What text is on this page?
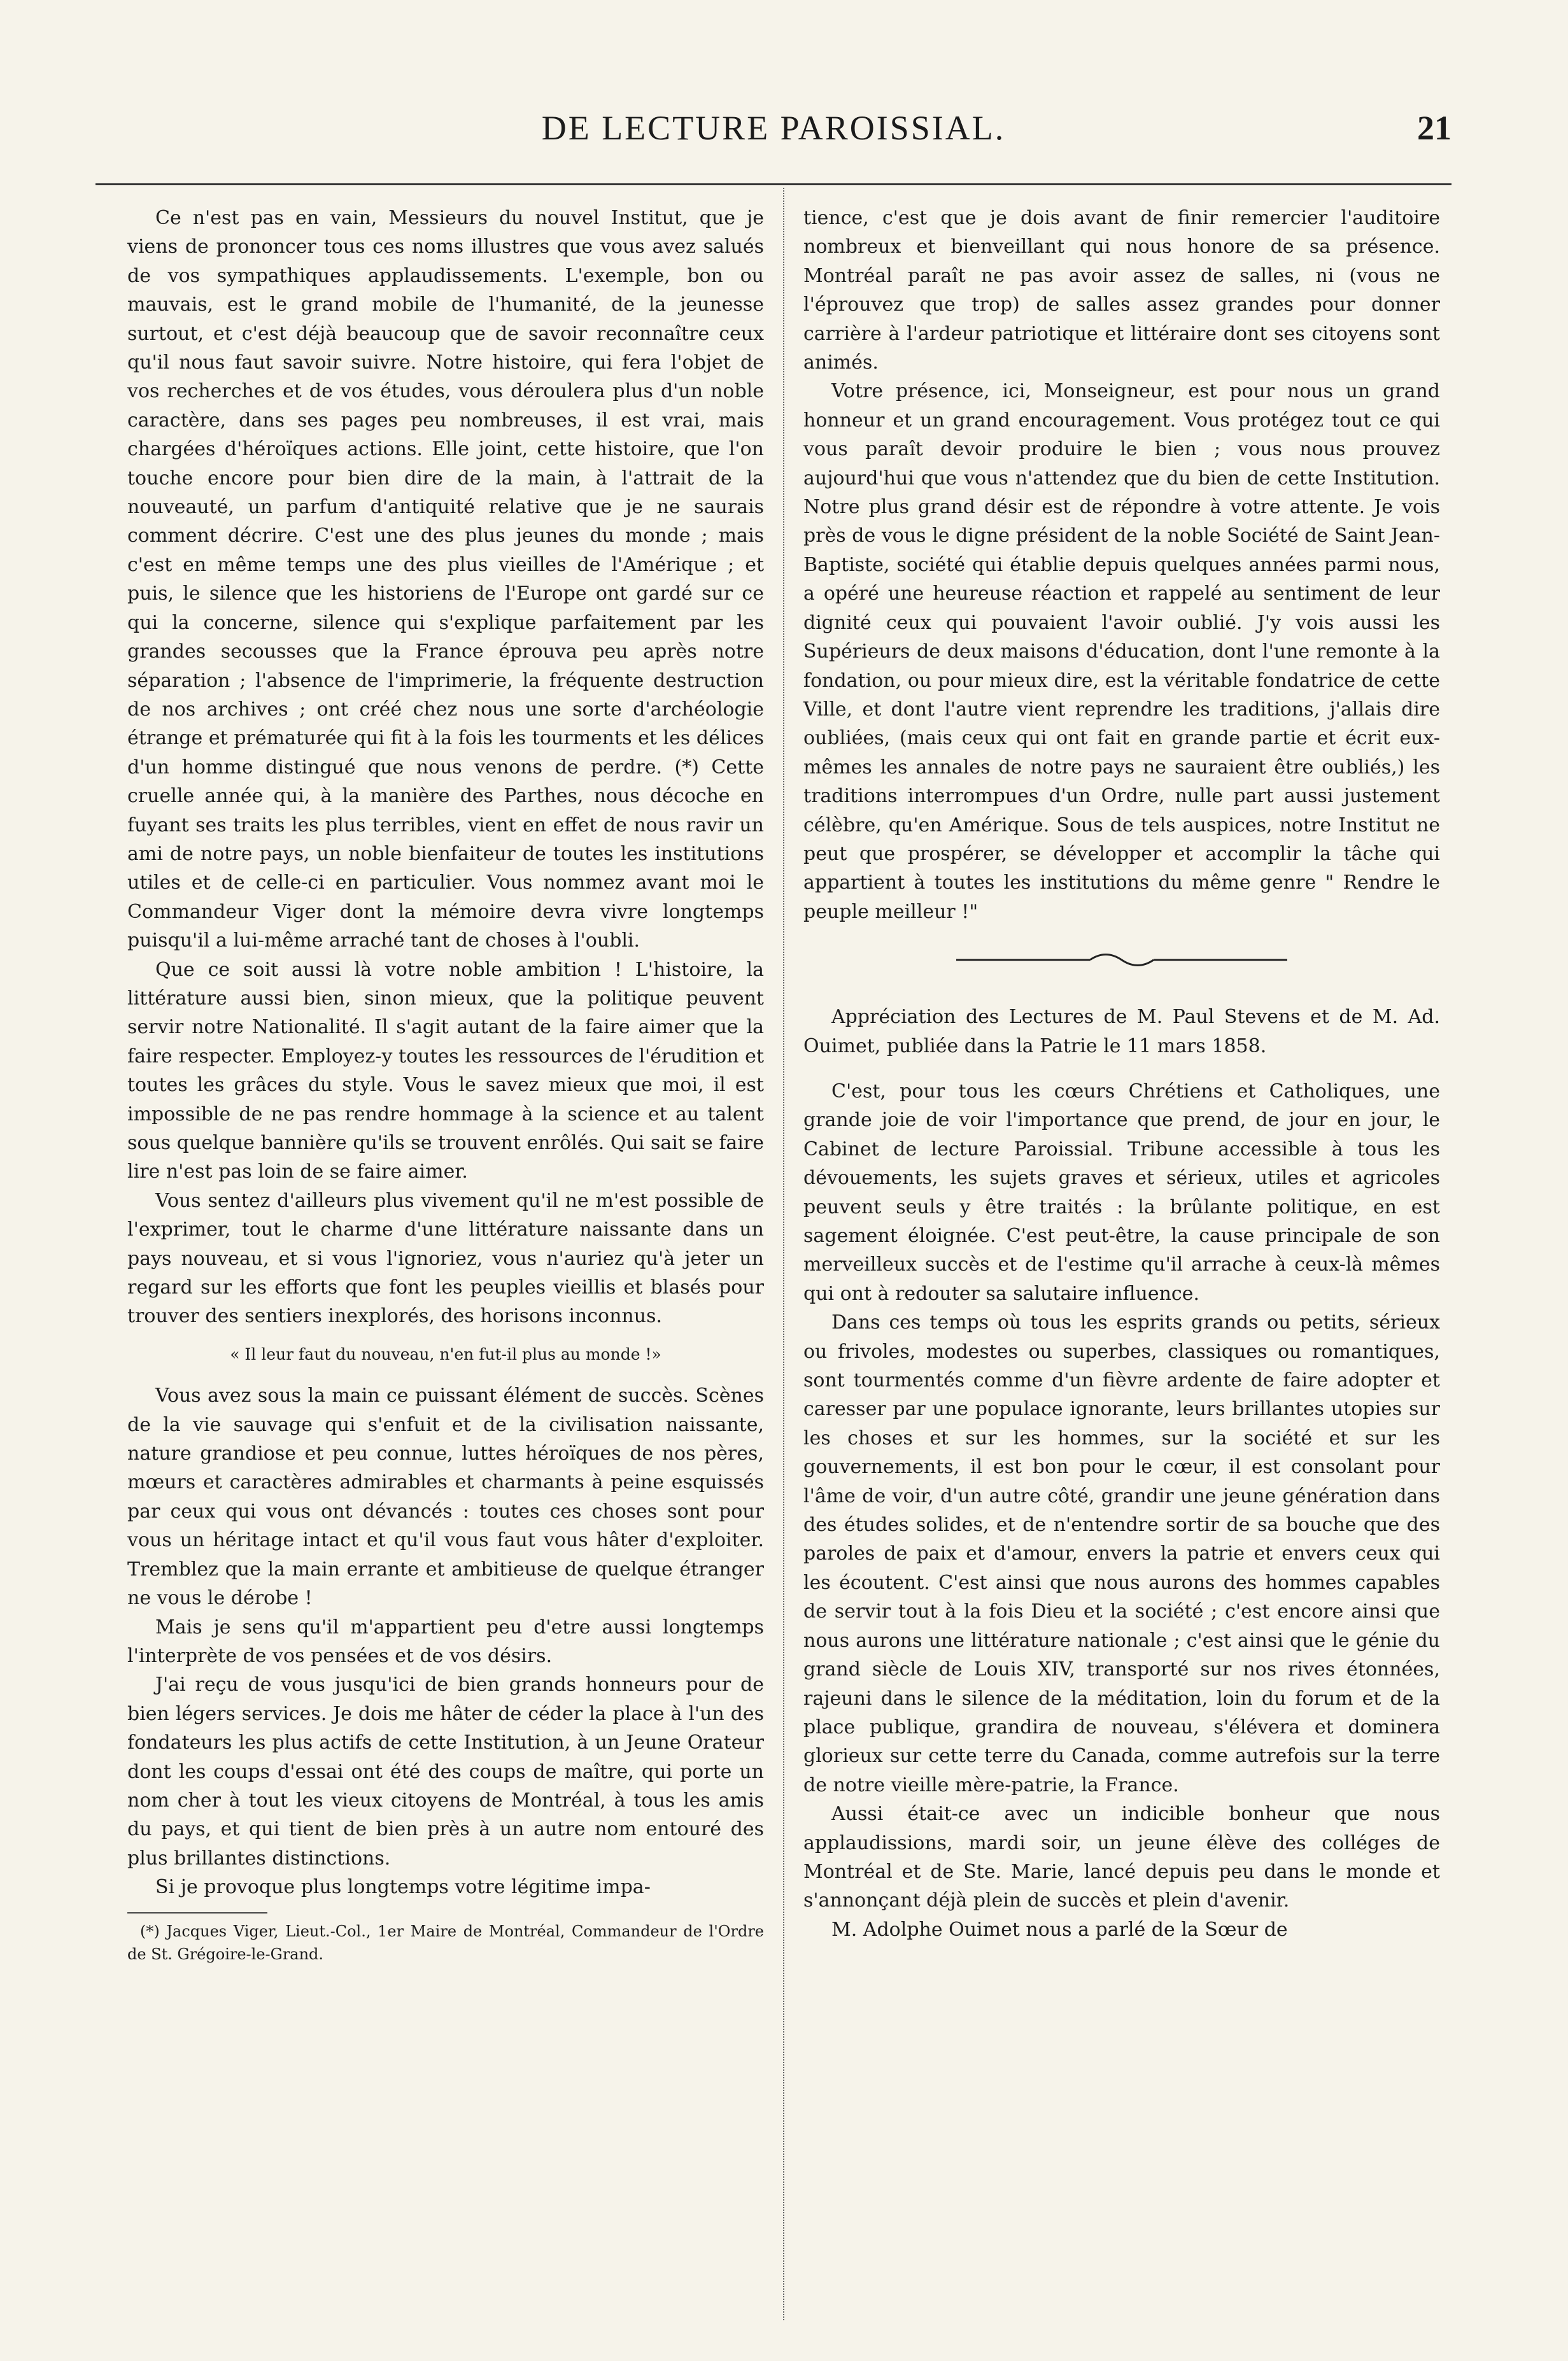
DE LECTURE PAROISSIAL.	21

Ce n'est pas en vain, Messieurs du nouvel Institut, que je viens de prononcer tous ces noms illustres que vous avez salués de vos sympathiques applaudissements. L'exemple, bon ou mauvais, est le grand mobile de l'humanité, de la jeunesse surtout, et c'est déjà beaucoup que de savoir reconnaître ceux qu'il nous faut savoir suivre. Notre histoire, qui fera l'objet de vos recherches et de vos études, vous déroulera plus d'un noble caractère, dans ses pages peu nombreuses, il est vrai, mais chargées d'héroïques actions. Elle joint, cette histoire, que l'on touche encore pour bien dire de la main, à l'attrait de la nouveauté, un parfum d'antiquité relative que je ne saurais comment décrire. C'est une des plus jeunes du monde ; mais c'est en même temps une des plus vieilles de l'Amérique ; et puis, le silence que les historiens de l'Europe ont gardé sur ce qui la concerne, silence qui s'explique parfaitement par les grandes secousses que la France éprouva peu après notre séparation ; l'absence de l'imprimerie, la fréquente destruction de nos archives ; ont créé chez nous une sorte d'archéologie étrange et prématurée qui fit à la fois les tourments et les délices d'un homme distingué que nous venons de perdre. (*) Cette cruelle année qui, à la manière des Parthes, nous décoche en fuyant ses traits les plus terribles, vient en effet de nous ravir un ami de notre pays, un noble bienfaiteur de toutes les institutions utiles et de celle-ci en particulier. Vous nommez avant moi le Commandeur Viger dont la mémoire devra vivre longtemps puisqu'il a lui-même arraché tant de choses à l'oubli.

Que ce soit aussi là votre noble ambition ! L'histoire, la littérature aussi bien, sinon mieux, que la politique peuvent servir notre Nationalité. Il s'agit autant de la faire aimer que la faire respecter. Employez-y toutes les ressources de l'érudition et toutes les grâces du style. Vous le savez mieux que moi, il est impossible de ne pas rendre hommage à la science et au talent sous quelque bannière qu'ils se trouvent enrôlés. Qui sait se faire lire n'est pas loin de se faire aimer.

Vous sentez d'ailleurs plus vivement qu'il ne m'est possible de l'exprimer, tout le charme d'une littérature naissante dans un pays nouveau, et si vous l'ignoriez, vous n'auriez qu'à jeter un regard sur les efforts que font les peuples vieillis et blasés pour trouver des sentiers inexplorés, des horisons inconnus.

« Il leur faut du nouveau, n'en fut-il plus au monde !»

Vous avez sous la main ce puissant élément de succès. Scènes de la vie sauvage qui s'enfuit et de la civilisation naissante, nature grandiose et peu connue, luttes héroïques de nos pères, mœurs et caractères admirables et charmants à peine esquissés par ceux qui vous ont dévancés : toutes ces choses sont pour vous un héritage intact et qu'il vous faut vous hâter d'exploiter. Tremblez que la main errante et ambitieuse de quelque étranger ne vous le dérobe !

Mais je sens qu'il m'appartient peu d'etre aussi longtemps l'interprète de vos pensées et de vos désirs.

J'ai reçu de vous jusqu'ici de bien grands honneurs pour de bien légers services. Je dois me hâter de céder la place à l'un des fondateurs les plus actifs de cette Institution, à un Jeune Orateur dont les coups d'essai ont été des coups de maître, qui porte un nom cher à tout les vieux citoyens de Montréal, à tous les amis du pays, et qui tient de bien près à un autre nom entouré des plus brillantes distinctions.

Si je provoque plus longtemps votre légitime impa-

(*) Jacques Viger, Lieut.-Col., 1er Maire de Montréal, Commandeur de l'Ordre de St. Grégoire-le-Grand.

tience, c'est que je dois avant de finir remercier l'auditoire nombreux et bienveillant qui nous honore de sa présence. Montréal paraît ne pas avoir assez de salles, ni (vous ne l'éprouvez que trop) de salles assez grandes pour donner carrière à l'ardeur patriotique et littéraire dont ses citoyens sont animés.

Votre présence, ici, Monseigneur, est pour nous un grand honneur et un grand encouragement. Vous protégez tout ce qui vous paraît devoir produire le bien ; vous nous prouvez aujourd'hui que vous n'attendez que du bien de cette Institution. Notre plus grand désir est de répondre à votre attente. Je vois près de vous le digne président de la noble Société de Saint Jean-Baptiste, société qui établie depuis quelques années parmi nous, a opéré une heureuse réaction et rappelé au sentiment de leur dignité ceux qui pouvaient l'avoir oublié. J'y vois aussi les Supérieurs de deux maisons d'éducation, dont l'une remonte à la fondation, ou pour mieux dire, est la véritable fondatrice de cette Ville, et dont l'autre vient reprendre les traditions, j'allais dire oubliées, (mais ceux qui ont fait en grande partie et écrit eux-mêmes les annales de notre pays ne sauraient être oubliés,) les traditions interrompues d'un Ordre, nulle part aussi justement célèbre, qu'en Amérique. Sous de tels auspices, notre Institut ne peut que prospérer, se développer et accomplir la tâche qui appartient à toutes les institutions du même genre " Rendre le peuple meilleur !"

Appréciation des Lectures de M. Paul Stevens et de M. Ad. Ouimet, publiée dans la Patrie le 11 mars 1858.

C'est, pour tous les cœurs Chrétiens et Catholiques, une grande joie de voir l'importance que prend, de jour en jour, le Cabinet de lecture Paroissial. Tribune accessible à tous les dévouements, les sujets graves et sérieux, utiles et agricoles peuvent seuls y être traités : la brûlante politique, en est sagement éloignée. C'est peut-être, la cause principale de son merveilleux succès et de l'estime qu'il arrache à ceux-là mêmes qui ont à redouter sa salutaire influence.

Dans ces temps où tous les esprits grands ou petits, sérieux ou frivoles, modestes ou superbes, classiques ou romantiques, sont tourmentés comme d'un fièvre ardente de faire adopter et caresser par une populace ignorante, leurs brillantes utopies sur les choses et sur les hommes, sur la société et sur les gouvernements, il est bon pour le cœur, il est consolant pour l'âme de voir, d'un autre côté, grandir une jeune génération dans des études solides, et de n'entendre sortir de sa bouche que des paroles de paix et d'amour, envers la patrie et envers ceux qui les écoutent. C'est ainsi que nous aurons des hommes capables de servir tout à la fois Dieu et la société ; c'est encore ainsi que nous aurons une littérature nationale ; c'est ainsi que le génie du grand siècle de Louis XIV, transporté sur nos rives étonnées, rajeuni dans le silence de la méditation, loin du forum et de la place publique, grandira de nouveau, s'élévera et dominera glorieux sur cette terre du Canada, comme autrefois sur la terre de notre vieille mère-patrie, la France.

Aussi était-ce avec un indicible bonheur que nous applaudissions, mardi soir, un jeune élève des colléges de Montréal et de Ste. Marie, lancé depuis peu dans le monde et s'annonçant déjà plein de succès et plein d'avenir.

M. Adolphe Ouimet nous a parlé de la Sœur de
